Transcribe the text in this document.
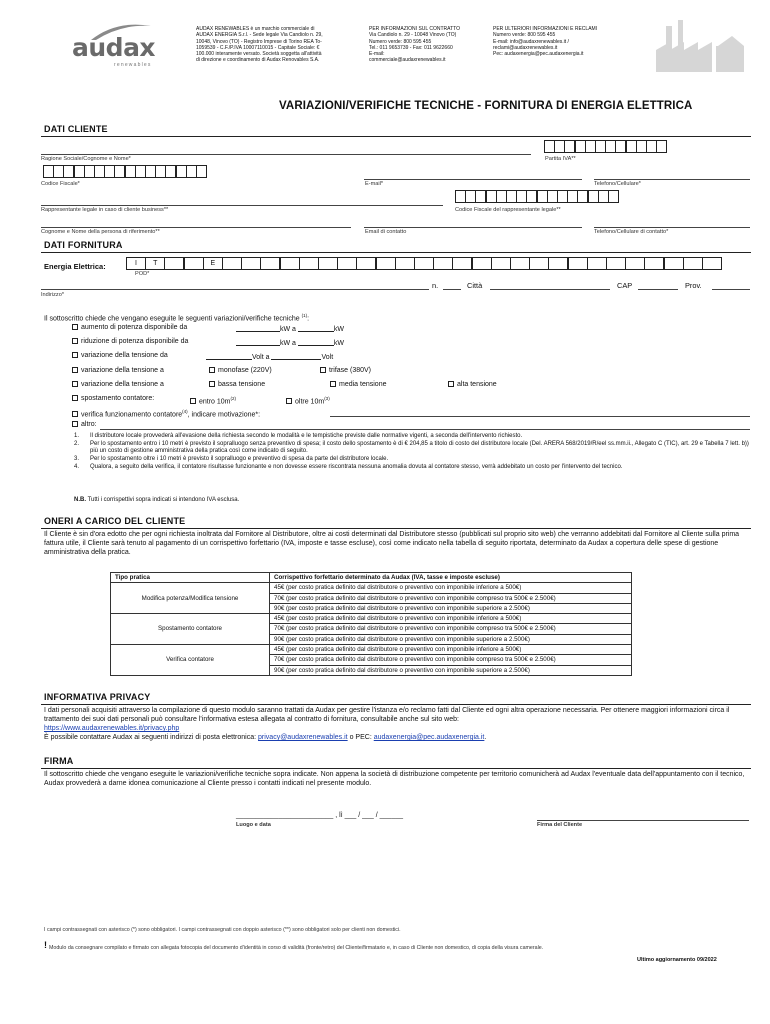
audax
renewables
AUDAX RENEWABLES è un marchio commerciale di
AUDAX ENERGIA S.r.l. - Sede legale Via Candiolo n. 29,
10048, Vinovo (TO) - Registro Imprese di Torino REA To-
1059539 - C.F./P.IVA 10007110015 - Capitale Sociale: €
100.000 interamente versato. Società soggetta all'attività
di direzione e coordinamento di Audax Renovables S.A.
PER INFORMAZIONI SUL CONTRATTO
Via Candiolo n. 29 - 10048 Vinovo (TO)
Numero verde: 800 595 455
Tel.: 011 9653739 - Fax: 011 9622660
E-mail:
commerciale@audaxrenewables.it
PER ULTERIORI INFORMAZIONI E RECLAMI
Numero verde: 800 595 455
E-mail: info@audaxrenewables.it /
reclami@audaxrenewables.it
Pec: audaxenergia@pec.audaxenergia.it
VARIAZIONI/VERIFICHE TECNICHE - FORNITURA DI ENERGIA ELETTRICA
DATI CLIENTE
Ragione Sociale/Cognome e Nome*	Partita IVA**
Codice Fiscale*	E-mail*	Telefono/Cellulare*
Rappresentante legale in caso di cliente business**	Codice Fiscale del rappresentante legale**
Cognome e Nome della persona di riferimento**	Email di contatto	Telefono/Cellulare di contatto*
DATI FORNITURA
Energia Elettrica:	I	T	E
POD*
n.	Città	CAP	Prov.
Indirizzo*
Il sottoscritto chiede che vengano eseguite le seguenti variazioni/verifiche tecniche $^{(1)}$:
aumento di potenza disponibile da	kW a	kW
riduzione di potenza disponibile da	kW a	kW
variazione della tensione da	Volt a	Volt
variazione della tensione a	monofase (220V)	trifase (380V)
variazione della tensione a	bassa tensione	media tensione	alta tensione
spostamento contatore:	entro $10m^{(2)}$	oltre $10m^{(3)}$
verifica funzionamento contatore$^{(4)}$, indicare motivazione*:
altro:
1.	Il distributore locale provvederà all'evasione della richiesta secondo le modalità e le tempistiche previste dalle normative vigenti, a seconda dell'intervento richiesto.
2.	Per lo spostamento entro i 10 metri è previsto il sopralluogo senza preventivo di spesa; il costo dello spostamento è di € 204,85 a titolo di costo del distributore locale (Del. ARERA 568/2019/R/eel ss.mm.ii., Allegato C (TIC), art. 29 e Tabella 7 lett. b)) più un costo di gestione amministrativa della pratica così come indicato di seguito.
3.	Per lo spostamento oltre i 10 metri è previsto il sopralluogo e preventivo di spesa da parte del distributore locale.
4.	Qualora, a seguito della verifica, il contatore risultasse funzionante e non dovesse essere riscontrata nessuna anomalia dovuta al contatore stesso, verrà addebitato un costo per l'intervento del tecnico.
N.B. Tutti i corrispettivi sopra indicati si intendono IVA esclusa.
ONERI A CARICO DEL CLIENTE
Il Cliente è sin d'ora edotto che per ogni richiesta inoltrata dal Fornitore al Distributore, oltre ai costi determinati dal Distributore stesso (pubblicati sul proprio sito web) che verranno addebitati dal Fornitore al Cliente sulla prima fattura utile, il Cliente sarà tenuto al pagamento di un corrispettivo forfettario (IVA, imposte e tasse escluse), così come indicato nella tabella di seguito riportata, determinato da Audax a copertura delle spese di gestione amministrativa della pratica.
Tipo pratica	Corrispettivo forfettario determinato da Audax (IVA, tasse e imposte escluse)
Modifica potenza/Modifica tensione	45€ (per costo pratica definito dal distributore o preventivo con imponibile inferiore a 500€)
	70€ (per costo pratica definito dal distributore o preventivo con imponibile compreso tra 500€ e 2.500€)
	90€ (per costo pratica definito dal distributore o preventivo con imponibile superiore a 2.500€)
Spostamento contatore	45€ (per costo pratica definito dal distributore o preventivo con imponibile inferiore a 500€)
	70€ (per costo pratica definito dal distributore o preventivo con imponibile compreso tra 500€ e 2.500€)
	90€ (per costo pratica definito dal distributore o preventivo con imponibile superiore a 2.500€)
Verifica contatore	45€ (per costo pratica definito dal distributore o preventivo con imponibile inferiore a 500€)
	70€ (per costo pratica definito dal distributore o preventivo con imponibile compreso tra 500€ e 2.500€)
	90€ (per costo pratica definito dal distributore o preventivo con imponibile superiore a 2.500€)
INFORMATIVA PRIVACY
I dati personali acquisiti attraverso la compilazione di questo modulo saranno trattati da Audax per gestire l'istanza e/o reclamo fatti dal Cliente ed ogni altra operazione necessaria. Per ottenere maggiori informazioni circa il trattamento dei suoi dati personali può consultare l'informativa estesa allegata al contratto di fornitura, consultabile anche sul sito web:
https://www.audaxrenewables.it/privacy.php
È possibile contattare Audax ai seguenti indirizzi di posta elettronica: privacy@audaxrenewables.it o PEC: audaxenergia@pec.audaxenergia.it.
FIRMA
Il sottoscritto chiede che vengano eseguite le variazioni/verifiche tecniche sopra indicate. Non appena la società di distribuzione competente per territorio comunicherà ad Audax l'eventuale data dell'appuntamento con il tecnico, Audax provvederà a darne idonea comunicazione al Cliente presso i contatti indicati nel presente modulo.
_________________________ , lì ___ / ___ / ______
Luogo e data	Firma del Cliente
I campi contrassegnati con asterisco (*) sono obbligatori. I campi contrassegnati con doppio asterisco (**) sono obbligatori solo per clienti non domestici.
! Modulo da consegnare compilato e firmato con allegata fotocopia del documento d'identità in corso di validità (fronte/retro) del Cliente/firmatario e, in caso di Cliente non domestico, di copia della visura camerale.
Ultimo aggiornamento 09/2022
